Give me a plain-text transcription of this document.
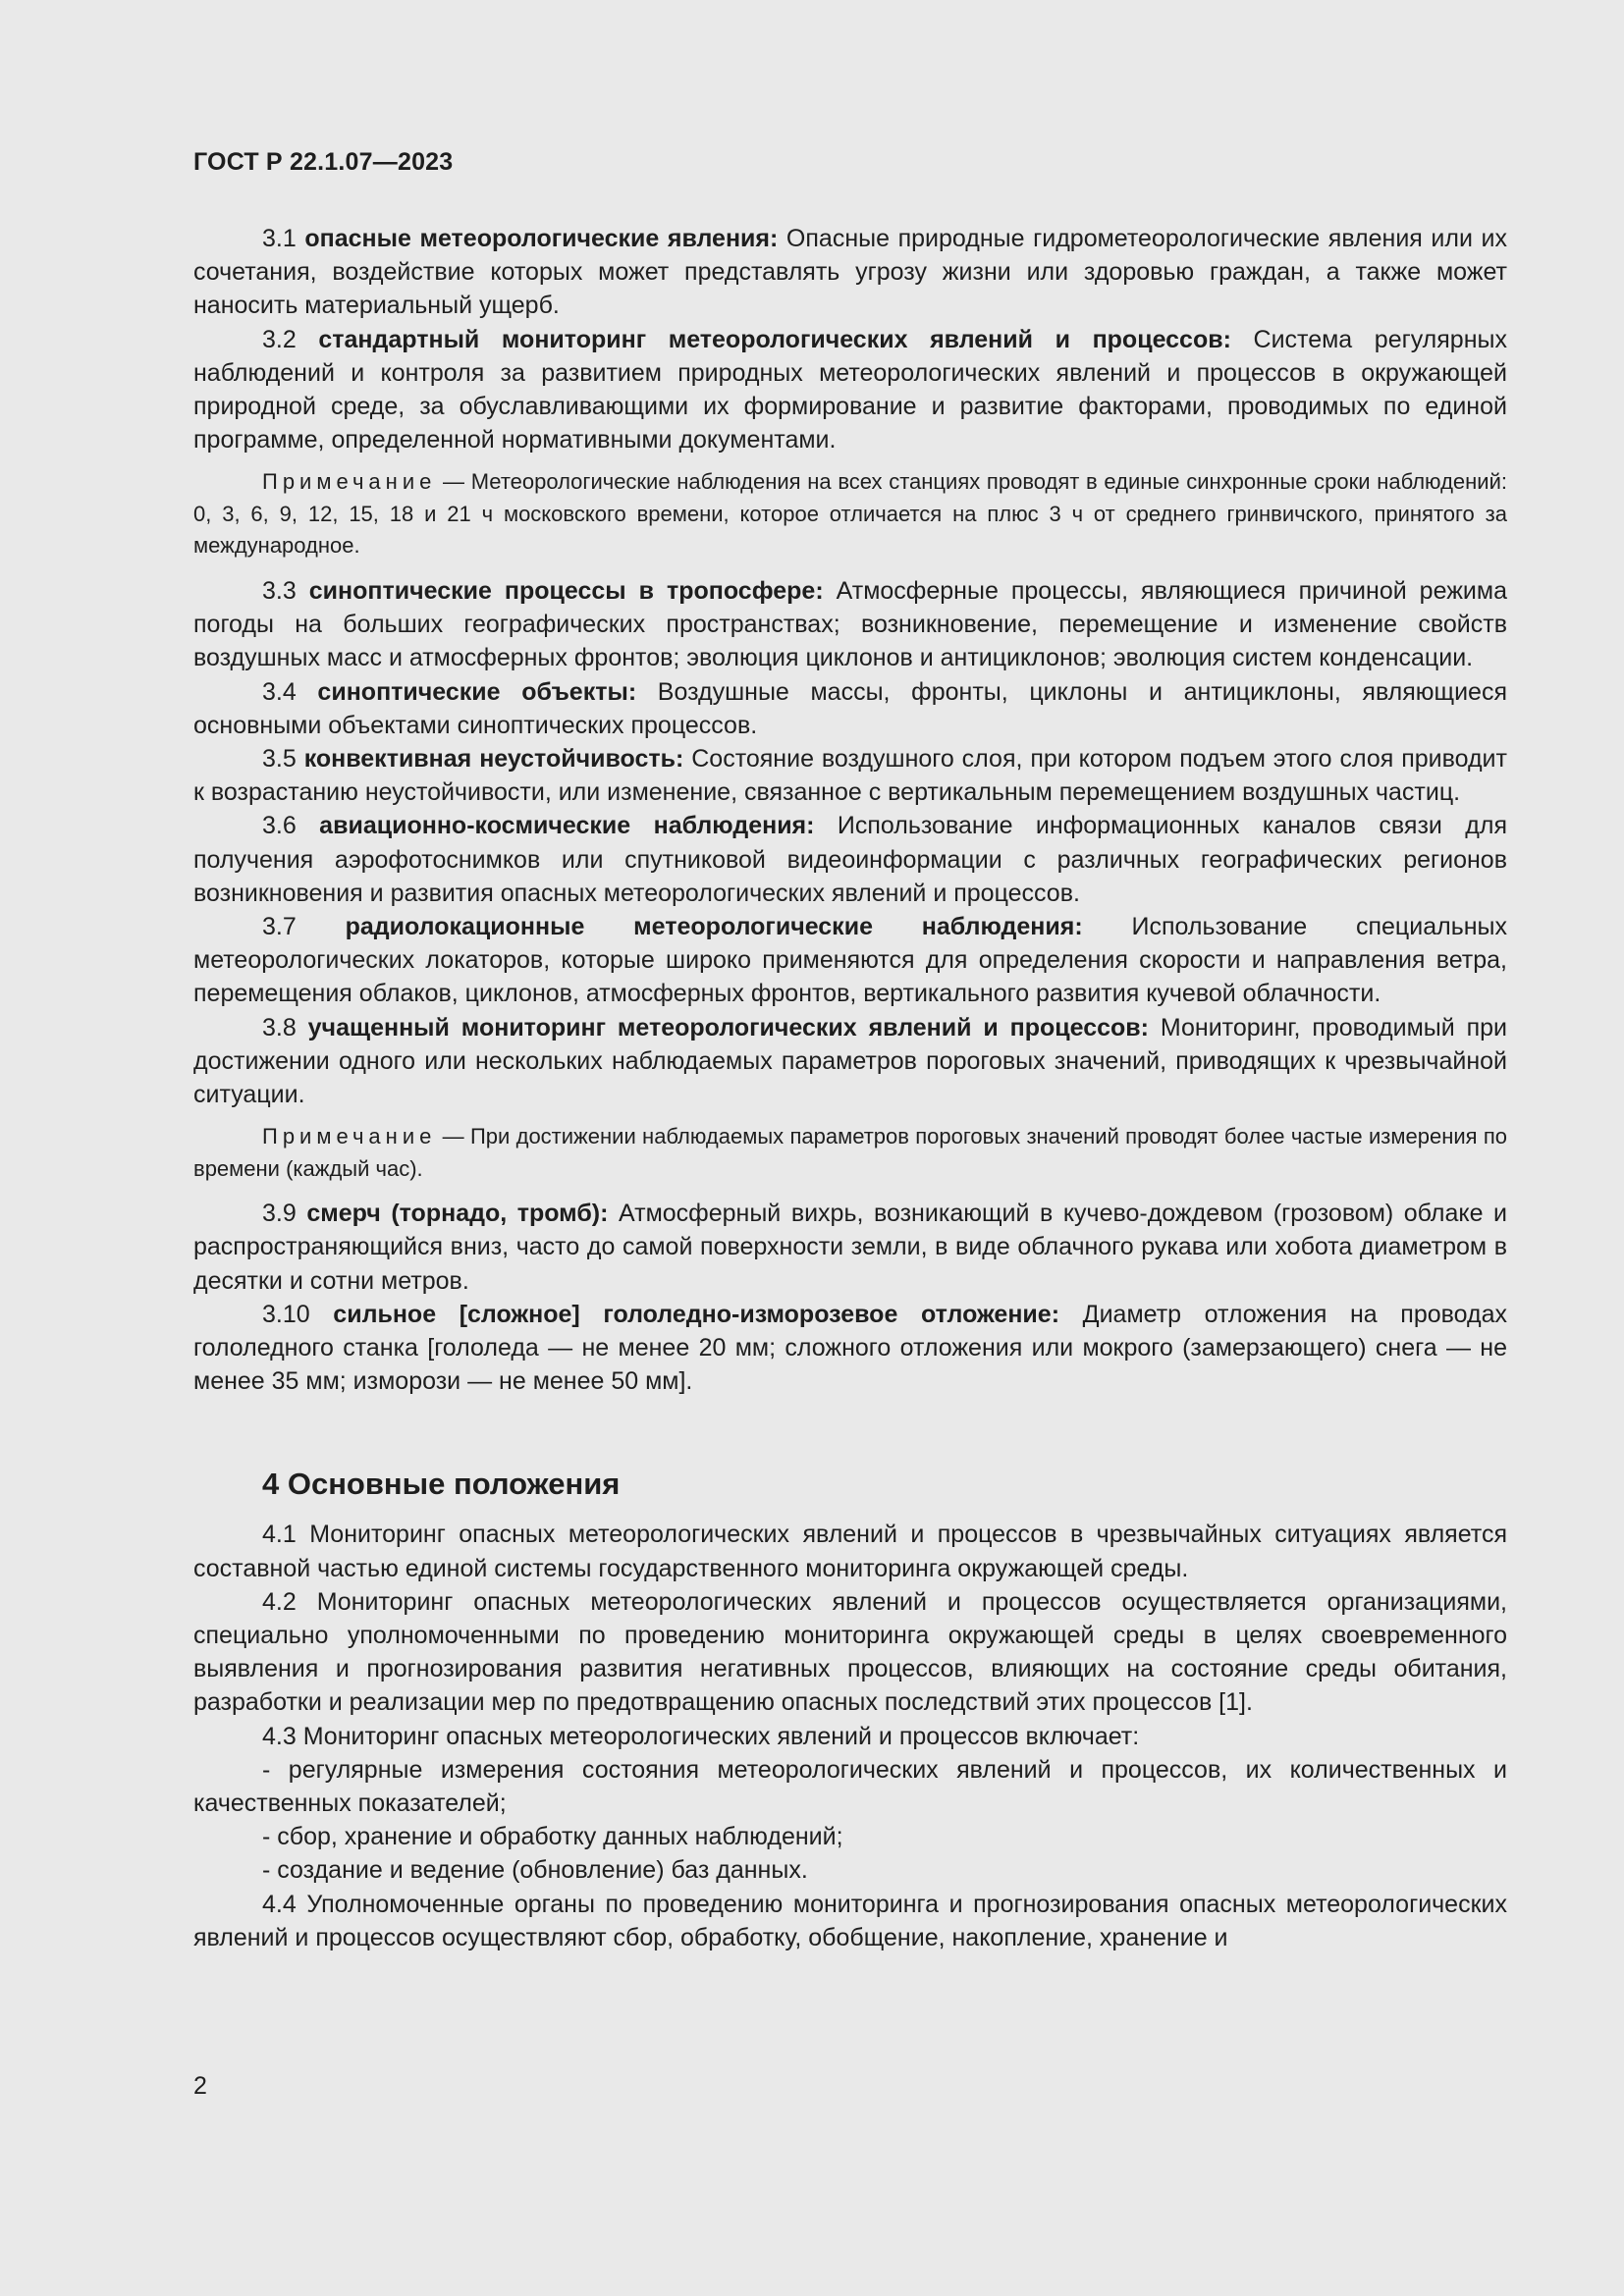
ГОСТ Р 22.1.07—2023

3.1 опасные метеорологические явления: Опасные природные гидрометеорологические явления или их сочетания, воздействие которых может представлять угрозу жизни или здоровью граждан, а также может наносить материальный ущерб.

3.2 стандартный мониторинг метеорологических явлений и процессов: Система регулярных наблюдений и контроля за развитием природных метеорологических явлений и процессов в окружающей природной среде, за обуславливающими их формирование и развитие факторами, проводимых по единой программе, определенной нормативными документами.

Примечание — Метеорологические наблюдения на всех станциях проводят в единые синхронные сроки наблюдений: 0, 3, 6, 9, 12, 15, 18 и 21 ч московского времени, которое отличается на плюс 3 ч от среднего гринвичского, принятого за международное.

3.3 синоптические процессы в тропосфере: Атмосферные процессы, являющиеся причиной режима погоды на больших географических пространствах; возникновение, перемещение и изменение свойств воздушных масс и атмосферных фронтов; эволюция циклонов и антициклонов; эволюция систем конденсации.

3.4 синоптические объекты: Воздушные массы, фронты, циклоны и антициклоны, являющиеся основными объектами синоптических процессов.

3.5 конвективная неустойчивость: Состояние воздушного слоя, при котором подъем этого слоя приводит к возрастанию неустойчивости, или изменение, связанное с вертикальным перемещением воздушных частиц.

3.6 авиационно-космические наблюдения: Использование информационных каналов связи для получения аэрофотоснимков или спутниковой видеоинформации с различных географических регионов возникновения и развития опасных метеорологических явлений и процессов.

3.7 радиолокационные метеорологические наблюдения: Использование специальных метеорологических локаторов, которые широко применяются для определения скорости и направления ветра, перемещения облаков, циклонов, атмосферных фронтов, вертикального развития кучевой облачности.

3.8 учащенный мониторинг метеорологических явлений и процессов: Мониторинг, проводимый при достижении одного или нескольких наблюдаемых параметров пороговых значений, приводящих к чрезвычайной ситуации.

Примечание — При достижении наблюдаемых параметров пороговых значений проводят более частые измерения по времени (каждый час).

3.9 смерч (торнадо, тромб): Атмосферный вихрь, возникающий в кучево-дождевом (грозовом) облаке и распространяющийся вниз, часто до самой поверхности земли, в виде облачного рукава или хобота диаметром в десятки и сотни метров.

3.10 сильное [сложное] гололедно-изморозевое отложение: Диаметр отложения на проводах гололедного станка [гололеда — не менее 20 мм; сложного отложения или мокрого (замерзающего) снега — не менее 35 мм; изморози — не менее 50 мм].

4 Основные положения

4.1 Мониторинг опасных метеорологических явлений и процессов в чрезвычайных ситуациях является составной частью единой системы государственного мониторинга окружающей среды.

4.2 Мониторинг опасных метеорологических явлений и процессов осуществляется организациями, специально уполномоченными по проведению мониторинга окружающей среды в целях своевременного выявления и прогнозирования развития негативных процессов, влияющих на состояние среды обитания, разработки и реализации мер по предотвращению опасных последствий этих процессов [1].

4.3 Мониторинг опасных метеорологических явлений и процессов включает:

- регулярные измерения состояния метеорологических явлений и процессов, их количественных и качественных показателей;

- сбор, хранение и обработку данных наблюдений;

- создание и ведение (обновление) баз данных.

4.4 Уполномоченные органы по проведению мониторинга и прогнозирования опасных метеорологических явлений и процессов осуществляют сбор, обработку, обобщение, накопление, хранение и

2
